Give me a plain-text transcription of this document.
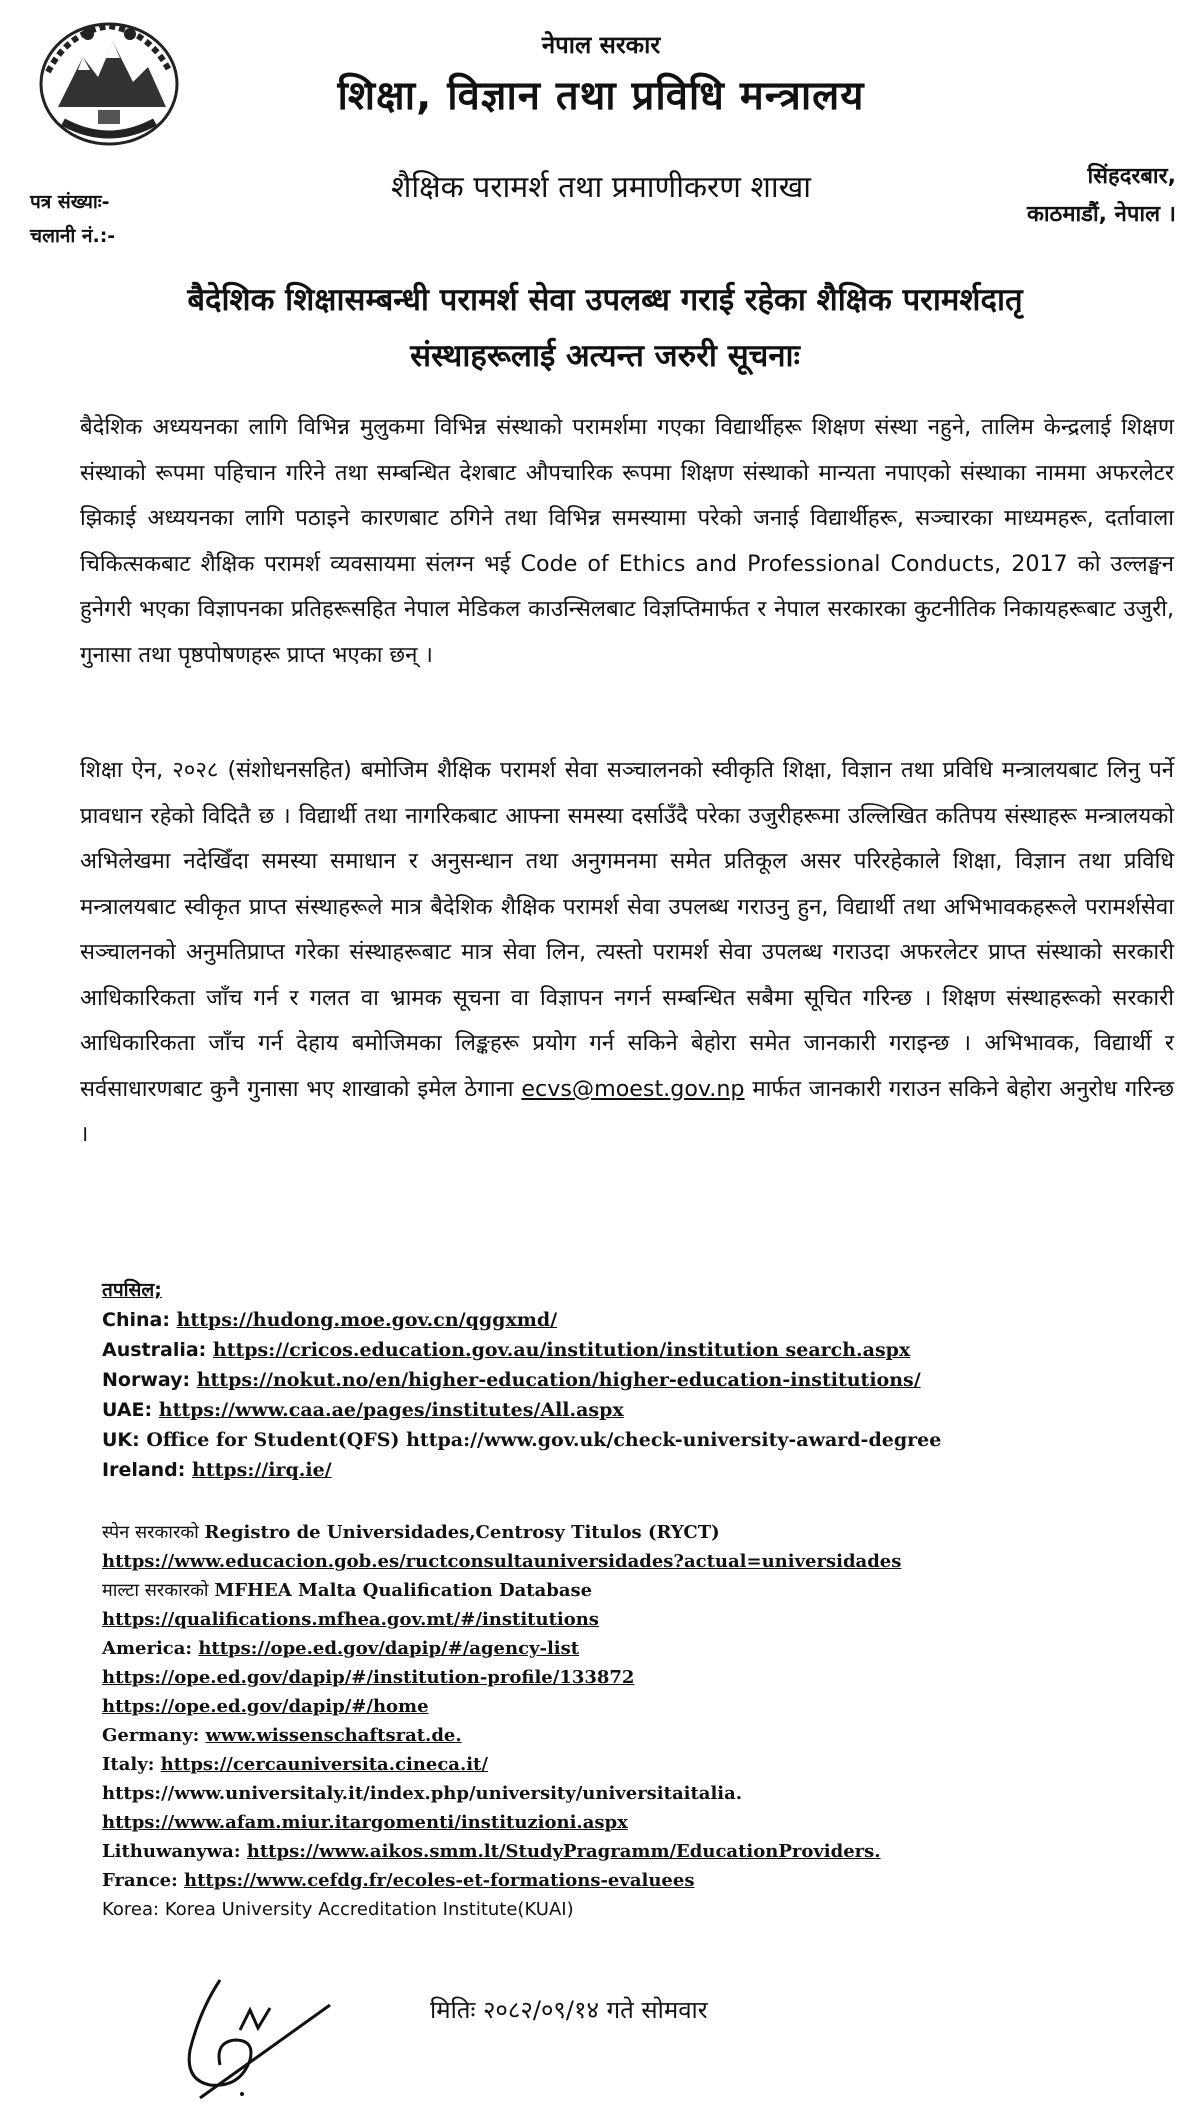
नेपाल सरकार
शिक्षा, विज्ञान तथा प्रविधि मन्त्रालय
शैक्षिक परामर्श तथा प्रमाणीकरण शाखा
पत्र संख्याः-
चलानी नं.:-
सिंहदरबार,
काठमाडौं, नेपाल ।
बैदेशिक शिक्षासम्बन्धी परामर्श सेवा उपलब्ध गराई रहेका शैक्षिक परामर्शदातृ
संस्थाहरूलाई अत्यन्त जरुरी सूचनाः
बैदेशिक अध्ययनका लागि विभिन्न मुलुकमा विभिन्न संस्थाको परामर्शमा गएका विद्यार्थीहरू शिक्षण संस्था नहुने, तालिम केन्द्रलाई शिक्षण संस्थाको रूपमा पहिचान गरिने तथा सम्बन्धित देशबाट औपचारिक रूपमा शिक्षण संस्थाको मान्यता नपाएको संस्थाका नाममा अफरलेटर झिकाई अध्ययनका लागि पठाइने कारणबाट ठगिने तथा विभिन्न समस्यामा परेको जनाई विद्यार्थीहरू, सञ्चारका माध्यमहरू, दर्तावाला चिकित्सकबाट शैक्षिक परामर्श व्यवसायमा संलग्न भई Code of Ethics and Professional Conducts, 2017 को उल्लङ्घन हुनेगरी भएका विज्ञापनका प्रतिहरूसहित नेपाल मेडिकल काउन्सिलबाट विज्ञप्तिमार्फत र नेपाल सरकारका कुटनीतिक निकायहरूबाट उजुरी, गुनासा तथा पृष्ठपोषणहरू प्राप्त भएका छन् ।
शिक्षा ऐन, २०२८ (संशोधनसहित) बमोजिम शैक्षिक परामर्श सेवा सञ्चालनको स्वीकृति शिक्षा, विज्ञान तथा प्रविधि मन्त्रालयबाट लिनु पर्ने प्रावधान रहेको विदितै छ । विद्यार्थी तथा नागरिकबाट आफ्ना समस्या दर्साउँदै परेका उजुरीहरूमा उल्लिखित कतिपय संस्थाहरू मन्त्रालयको अभिलेखमा नदेखिँदा समस्या समाधान र अनुसन्धान तथा अनुगमनमा समेत प्रतिकूल असर परिरहेकाले शिक्षा, विज्ञान तथा प्रविधि मन्त्रालयबाट स्वीकृत प्राप्त संस्थाहरूले मात्र बैदेशिक शैक्षिक परामर्श सेवा उपलब्ध गराउनु हुन, विद्यार्थी तथा अभिभावकहरूले परामर्शसेवा सञ्चालनको अनुमतिप्राप्त गरेका संस्थाहरूबाट मात्र सेवा लिन, त्यस्तो परामर्श सेवा उपलब्ध गराउदा अफरलेटर प्राप्त संस्थाको सरकारी आधिकारिकता जाँच गर्न र गलत वा भ्रामक सूचना वा विज्ञापन नगर्न सम्बन्धित सबैमा सूचित गरिन्छ । शिक्षण संस्थाहरूको सरकारी आधिकारिकता जाँच गर्न देहाय बमोजिमका लिङ्कहरू प्रयोग गर्न सकिने बेहोरा समेत जानकारी गराइन्छ । अभिभावक, विद्यार्थी र सर्वसाधारणबाट कुनै गुनासा भए शाखाको इमेल ठेगाना ecvs@moest.gov.np मार्फत जानकारी गराउन सकिने बेहोरा अनुरोध गरिन्छ ।
तपसिल;
China: https://hudong.moe.gov.cn/qggxmd/
Australia: https://cricos.education.gov.au/institution/institution search.aspx
Norway: https://nokut.no/en/higher-education/higher-education-institutions/
UAE: https://www.caa.ae/pages/institutes/All.aspx
UK: Office for Student(QFS) httpa://www.gov.uk/check-university-award-degree
Ireland: https://irq.ie/
स्पेन सरकारको Registro de Universidades,Centrosy Titulos (RYCT)
https://www.educacion.gob.es/ructconsultauniversidades?actual=universidades
माल्टा सरकारको MFHEA Malta Qualification Database
https://qualifications.mfhea.gov.mt/#/institutions
America: https://ope.ed.gov/dapip/#/agency-list
https://ope.ed.gov/dapip/#/institution-profile/133872
https://ope.ed.gov/dapip/#/home
Germany: www.wissenschaftsrat.de.
Italy: https://cercauniversita.cineca.it/
https://www.universitaly.it/index.php/university/universitaitalia.
https://www.afam.miur.itargomenti/instituzioni.aspx
Lithuwanywa: https://www.aikos.smm.lt/StudyPragramm/EducationProviders.
France: https://www.cefdg.fr/ecoles-et-formations-evaluees
Korea: Korea University Accreditation Institute(KUAI)
मितिः २०८२/०९/१४ गते सोमवार
